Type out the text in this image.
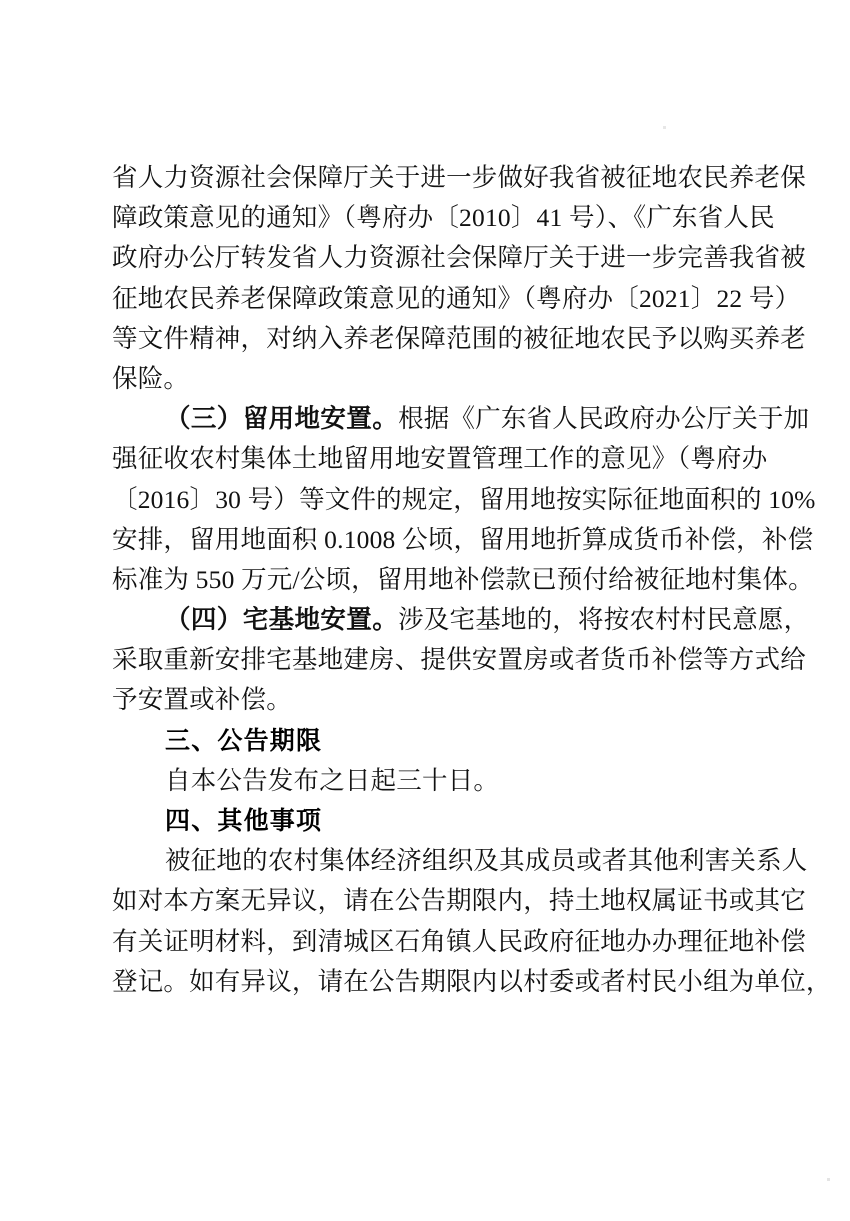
省人力资源社会保障厅关于进一步做好我省被征地农民养老保
障政策意见的通知》（粤府办〔2010〕41 号）、《广东省人民
政府办公厅转发省人力资源社会保障厅关于进一步完善我省被
征地农民养老保障政策意见的通知》（粤府办〔2021〕22 号）
等文件精神，对纳入养老保障范围的被征地农民予以购买养老
保险。
（三）留用地安置。根据《广东省人民政府办公厅关于加
强征收农村集体土地留用地安置管理工作的意见》（粤府办
〔2016〕30 号）等文件的规定，留用地按实际征地面积的 10%
安排，留用地面积 0.1008 公顷，留用地折算成货币补偿，补偿
标准为 550 万元/公顷，留用地补偿款已预付给被征地村集体。
（四）宅基地安置。涉及宅基地的，将按农村村民意愿，
采取重新安排宅基地建房、提供安置房或者货币补偿等方式给
予安置或补偿。
三、公告期限
自本公告发布之日起三十日。
四、其他事项
被征地的农村集体经济组织及其成员或者其他利害关系人
如对本方案无异议，请在公告期限内，持土地权属证书或其它
有关证明材料，到清城区石角镇人民政府征地办办理征地补偿
登记。如有异议，请在公告期限内以村委或者村民小组为单位，
